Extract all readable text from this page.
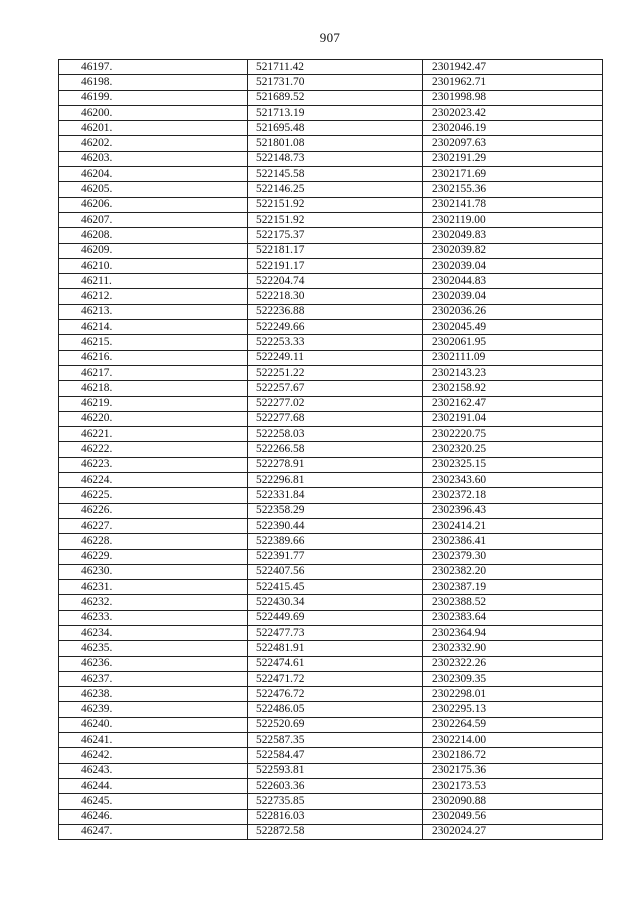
907
46197.	521711.42	2301942.47
46198.	521731.70	2301962.71
46199.	521689.52	2301998.98
46200.	521713.19	2302023.42
46201.	521695.48	2302046.19
46202.	521801.08	2302097.63
46203.	522148.73	2302191.29
46204.	522145.58	2302171.69
46205.	522146.25	2302155.36
46206.	522151.92	2302141.78
46207.	522151.92	2302119.00
46208.	522175.37	2302049.83
46209.	522181.17	2302039.82
46210.	522191.17	2302039.04
46211.	522204.74	2302044.83
46212.	522218.30	2302039.04
46213.	522236.88	2302036.26
46214.	522249.66	2302045.49
46215.	522253.33	2302061.95
46216.	522249.11	2302111.09
46217.	522251.22	2302143.23
46218.	522257.67	2302158.92
46219.	522277.02	2302162.47
46220.	522277.68	2302191.04
46221.	522258.03	2302220.75
46222.	522266.58	2302320.25
46223.	522278.91	2302325.15
46224.	522296.81	2302343.60
46225.	522331.84	2302372.18
46226.	522358.29	2302396.43
46227.	522390.44	2302414.21
46228.	522389.66	2302386.41
46229.	522391.77	2302379.30
46230.	522407.56	2302382.20
46231.	522415.45	2302387.19
46232.	522430.34	2302388.52
46233.	522449.69	2302383.64
46234.	522477.73	2302364.94
46235.	522481.91	2302332.90
46236.	522474.61	2302322.26
46237.	522471.72	2302309.35
46238.	522476.72	2302298.01
46239.	522486.05	2302295.13
46240.	522520.69	2302264.59
46241.	522587.35	2302214.00
46242.	522584.47	2302186.72
46243.	522593.81	2302175.36
46244.	522603.36	2302173.53
46245.	522735.85	2302090.88
46246.	522816.03	2302049.56
46247.	522872.58	2302024.27
